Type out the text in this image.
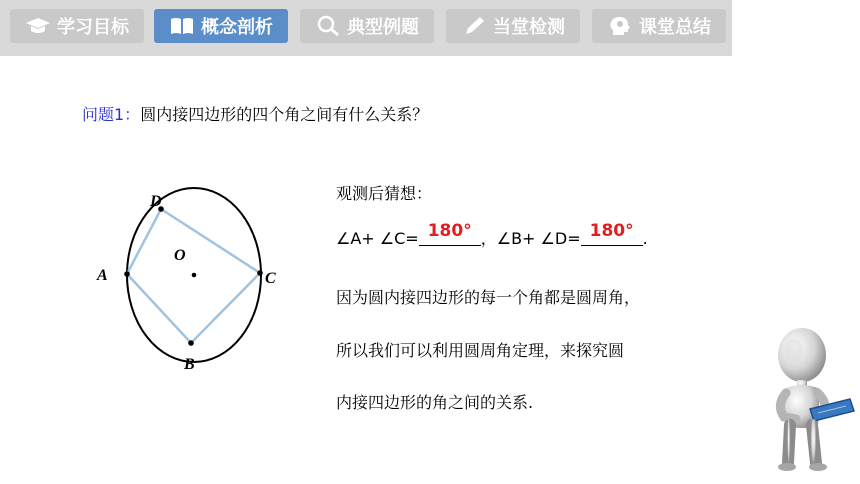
学习目标	概念剖析	典型例题	当堂检测	课堂总结
问题1：圆内接四边形的四个角之间有什么关系？
D
A	C
B
O
观测后猜想：
∠A+ ∠C= 180° ，∠B+ ∠D= 180° .
因为圆内接四边形的每一个角都是圆周角，
所以我们可以利用圆周角定理，来探究圆
内接四边形的角之间的关系.
